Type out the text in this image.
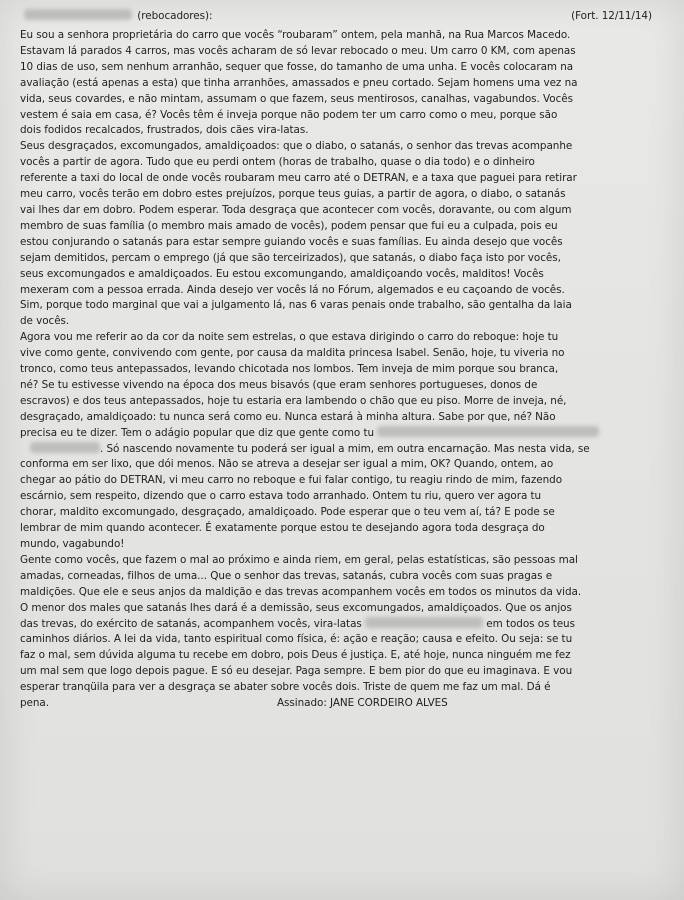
(rebocadores):	(Fort. 12/11/14)

Eu sou a senhora proprietária do carro que vocês “roubaram” ontem, pela manhã, na Rua Marcos Macedo.

Estavam lá parados 4 carros, mas vocês acharam de só levar rebocado o meu. Um carro 0 KM, com apenas

10 dias de uso, sem nenhum arranhão, sequer que fosse, do tamanho de uma unha. E vocês colocaram na

avaliação (está apenas a esta) que tinha arranhões, amassados e pneu cortado. Sejam homens uma vez na

vida, seus covardes, e não mintam, assumam o que fazem, seus mentirosos, canalhas, vagabundos. Vocês

vestem é saia em casa, é? Vocês têm é inveja porque não podem ter um carro como o meu, porque são

dois fodidos recalcados, frustrados, dois cães vira-latas.

Seus desgraçados, excomungados, amaldiçoados: que o diabo, o satanás, o senhor das trevas acompanhe

vocês a partir de agora. Tudo que eu perdi ontem (horas de trabalho, quase o dia todo) e o dinheiro

referente a taxi do local de onde vocês roubaram meu carro até o DETRAN, e a taxa que paguei para retirar

meu carro, vocês terão em dobro estes prejuízos, porque teus guias, a partir de agora, o diabo, o satanás

vai lhes dar em dobro. Podem esperar. Toda desgraça que acontecer com vocês, doravante, ou com algum

membro de suas família (o membro mais amado de vocês), podem pensar que fui eu a culpada, pois eu

estou conjurando o satanás para estar sempre guiando vocês e suas famílias. Eu ainda desejo que vocês

sejam demitidos, percam o emprego (já que são terceirizados), que satanás, o diabo faça isto por vocês,

seus excomungados e amaldiçoados. Eu estou excomungando, amaldiçoando vocês, malditos! Vocês

mexeram com a pessoa errada. Ainda desejo ver vocês lá no Fórum, algemados e eu caçoando de vocês.

Sim, porque todo marginal que vai a julgamento lá, nas 6 varas penais onde trabalho, são gentalha da laia

de vocês.

Agora vou me referir ao da cor da noite sem estrelas, o que estava dirigindo o carro do reboque: hoje tu

vive como gente, convivendo com gente, por causa da maldita princesa Isabel. Senão, hoje, tu viveria no

tronco, como teus antepassados, levando chicotada nos lombos. Tem inveja de mim porque sou branca,

né? Se tu estivesse vivendo na época dos meus bisavós (que eram senhores portugueses, donos de

escravos) e dos teus antepassados, hoje tu estaria era lambendo o chão que eu piso. Morre de inveja, né,

desgraçado, amaldiçoado: tu nunca será como eu. Nunca estará à minha altura. Sabe por que, né? Não

precisa eu te dizer. Tem o adágio popular que diz que gente como tu

. Só nascendo novamente tu poderá ser igual a mim, em outra encarnação. Mas nesta vida, se

conforma em ser lixo, que dói menos. Não se atreva a desejar ser igual a mim, OK? Quando, ontem, ao

chegar ao pátio do DETRAN, vi meu carro no reboque e fui falar contigo, tu reagiu rindo de mim, fazendo

escárnio, sem respeito, dizendo que o carro estava todo arranhado. Ontem tu riu, quero ver agora tu

chorar, maldito excomungado, desgraçado, amaldiçoado. Pode esperar que o teu vem aí, tá? E pode se

lembrar de mim quando acontecer. É exatamente porque estou te desejando agora toda desgraça do

mundo, vagabundo!

Gente como vocês, que fazem o mal ao próximo e ainda riem, em geral, pelas estatísticas, são pessoas mal

amadas, corneadas, filhos de uma... Que o senhor das trevas, satanás, cubra vocês com suas pragas e

maldições. Que ele e seus anjos da maldição e das trevas acompanhem vocês em todos os minutos da vida.

O menor dos males que satanás lhes dará é a demissão, seus excomungados, amaldiçoados. Que os anjos

das trevas, do exército de satanás, acompanhem vocês, vira-latas	em todos os teus

caminhos diários. A lei da vida, tanto espiritual como física, é: ação e reação; causa e efeito. Ou seja: se tu

faz o mal, sem dúvida alguma tu recebe em dobro, pois Deus é justiça. E, até hoje, nunca ninguém me fez

um mal sem que logo depois pague. E só eu desejar. Paga sempre. E bem pior do que eu imaginava. E vou

esperar tranqüila para ver a desgraça se abater sobre vocês dois. Triste de quem me faz um mal. Dá é

pena.	Assinado: JANE CORDEIRO ALVES
